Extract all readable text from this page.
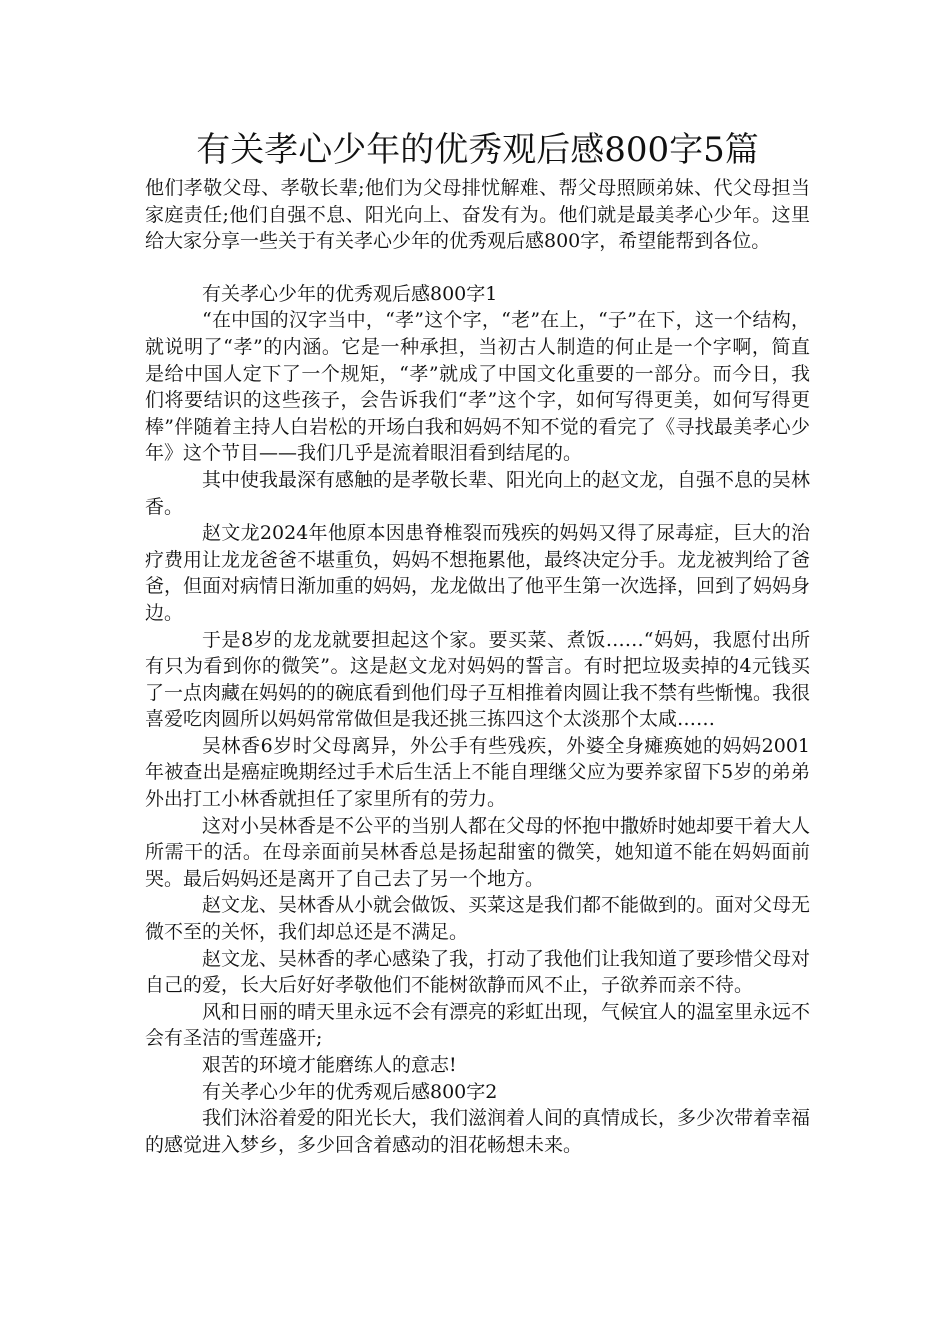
有关孝心少年的优秀观后感800字5篇

他们孝敬父母、孝敬长辈;他们为父母排忧解难、帮父母照顾弟妹、代父母担当家庭责任;他们自强不息、阳光向上、奋发有为。他们就是最美孝心少年。这里给大家分享一些关于有关孝心少年的优秀观后感800字，希望能帮到各位。

有关孝心少年的优秀观后感800字1

“在中国的汉字当中，“孝”这个字，“老”在上，“子”在下，这一个结构，就说明了“孝”的内涵。它是一种承担，当初古人制造的何止是一个字啊，简直是给中国人定下了一个规矩，“孝”就成了中国文化重要的一部分。而今日，我们将要结识的这些孩子，会告诉我们“孝”这个字，如何写得更美，如何写得更棒”伴随着主持人白岩松的开场白我和妈妈不知不觉的看完了《寻找最美孝心少年》这个节目——我们几乎是流着眼泪看到结尾的。

其中使我最深有感触的是孝敬长辈、阳光向上的赵文龙，自强不息的吴林香。

赵文龙2024年他原本因患脊椎裂而残疾的妈妈又得了尿毒症，巨大的治疗费用让龙龙爸爸不堪重负，妈妈不想拖累他，最终决定分手。龙龙被判给了爸爸，但面对病情日渐加重的妈妈，龙龙做出了他平生第一次选择，回到了妈妈身边。

于是8岁的龙龙就要担起这个家。要买菜、煮饭……“妈妈，我愿付出所有只为看到你的微笑”。这是赵文龙对妈妈的誓言。有时把垃圾卖掉的4元钱买了一点肉藏在妈妈的的碗底看到他们母子互相推着肉圆让我不禁有些惭愧。我很喜爱吃肉圆所以妈妈常常做但是我还挑三拣四这个太淡那个太咸……

吴林香6岁时父母离异，外公手有些残疾，外婆全身瘫痪她的妈妈2001年被查出是癌症晚期经过手术后生活上不能自理继父应为要养家留下5岁的弟弟外出打工小林香就担任了家里所有的劳力。

这对小吴林香是不公平的当别人都在父母的怀抱中撒娇时她却要干着大人所需干的活。在母亲面前吴林香总是扬起甜蜜的微笑，她知道不能在妈妈面前哭。最后妈妈还是离开了自己去了另一个地方。

赵文龙、吴林香从小就会做饭、买菜这是我们都不能做到的。面对父母无微不至的关怀，我们却总还是不满足。

赵文龙、吴林香的孝心感染了我，打动了我他们让我知道了要珍惜父母对自己的爱，长大后好好孝敬他们不能树欲静而风不止，子欲养而亲不待。

风和日丽的晴天里永远不会有漂亮的彩虹出现，气候宜人的温室里永远不会有圣洁的雪莲盛开;

艰苦的环境才能磨练人的意志!

有关孝心少年的优秀观后感800字2

我们沐浴着爱的阳光长大，我们滋润着人间的真情成长，多少次带着幸福的感觉进入梦乡，多少回含着感动的泪花畅想未来。
